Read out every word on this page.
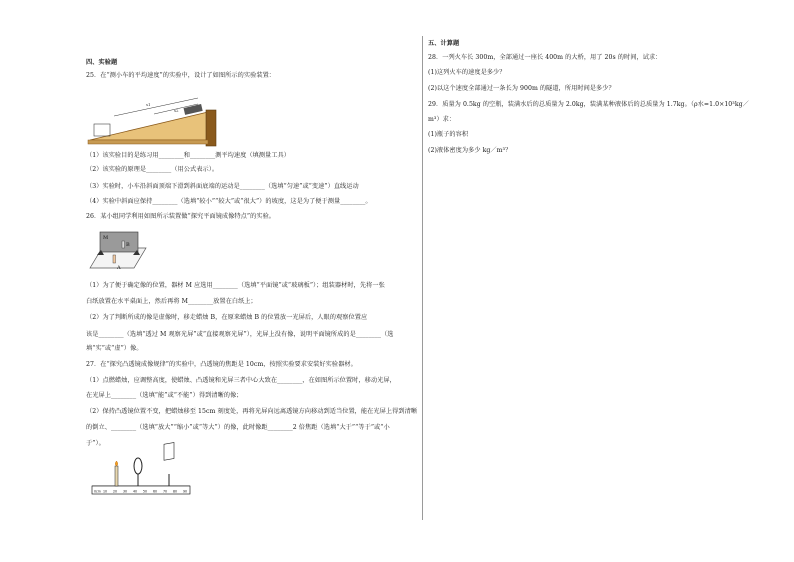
四、实验题
25．在“测小车的平均速度”的实验中，设计了如图所示的实验装置：
s1
s2
（1）该实验目的是练习用________和________测平均速度（填测量工具）
（2）该实验的原理是________（用公式表示）。
（3）实验时，小车沿斜面顶端下滑到斜面底端的运动是________（选填“匀速”或“变速”）直线运动
（4）实验中斜面应保持________（选填“较小”“较大”或“很大”）的坡度，这是为了便于测量________。
26．某小组同学利用如图所示装置做“探究平面镜成像特点”的实验。
M
B
A
（1）为了便于确定像的位置，器材 M 应选用________（选填“平面镜”或“玻璃板”）；组装器材时，先将一张
白纸放置在水平桌面上，然后再将 M________放置在白纸上；
（2）为了判断所成的像是虚像时，移走蜡烛 B，在原来蜡烛 B 的位置放一光屏后，人眼的观察位置应
该是________（选填“透过 M 观察光屏”或“直接观察光屏”），光屏上没有像，说明平面镜所成的是________（选
填“实”或“虚”）像。
27．在“探究凸透镜成像规律”的实验中，凸透镜的焦距是 10cm，按照实验要求安装好实验器材。
（1）点燃蜡烛，应调整高度，使蜡烛、凸透镜和光屏三者中心大致在________，在如图所示位置时，移动光屏，
在光屏上________（选填“能”或“不能”）得到清晰的像；
（2）保持凸透镜位置不变，把蜡烛移至 15cm 刻度处，再将光屏向远离透镜方向移动到适当位置，能在光屏上得到清晰
的倒立、________（选填“放大”“缩小”或“等大”）的像，此时像距________2 倍焦距（选填“大于”“等于”或“小
于”）。
0cm 10 20 30 40 50 60 70 80 90
五、计算题
28．一列火车长 300m，全部通过一座长 400m 的大桥，用了 20s 的时间，试求：
(1)这列火车的速度是多少？
(2)以这个速度全部通过一条长为 900m 的隧道，所用时间是多少？
29．质量为 0.5kg 的空瓶，装满水后的总质量为 2.0kg，装满某种液体后的总质量为 1.7kg。（ρ水=1.0×10³kg／
m³）求：
(1)瓶子的容积
(2)液体密度为多少 kg／m³？
